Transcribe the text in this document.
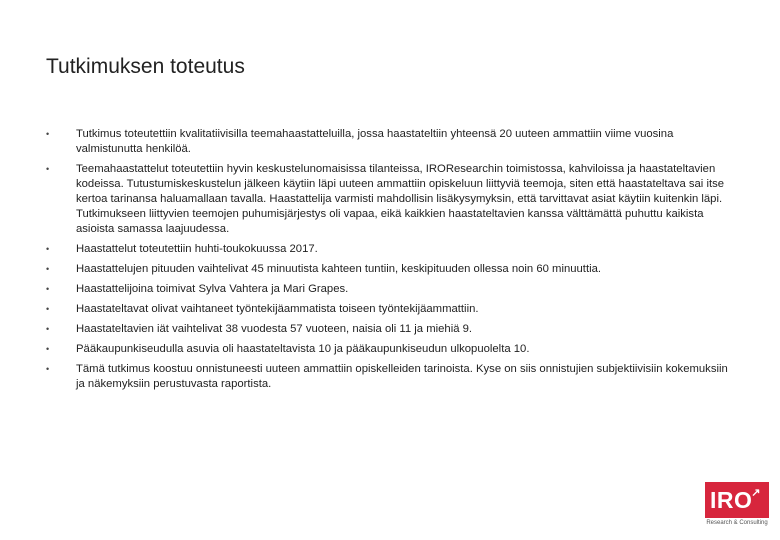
Tutkimuksen toteutus
•	Tutkimus toteutettiin kvalitatiivisilla teemahaastatteluilla, jossa haastateltiin yhteensä 20 uuteen ammattiin viime vuosina valmistunutta henkilöä.
•	Teemahaastattelut toteutettiin hyvin keskustelunomaisissa tilanteissa, IROResearchin toimistossa, kahviloissa ja haastateltavien kodeissa. Tutustumiskeskustelun jälkeen käytiin läpi uuteen ammattiin opiskeluun liittyviä teemoja, siten että haastateltava sai itse kertoa tarinansa haluamallaan tavalla. Haastattelija varmisti mahdollisin lisäkysymyksin, että tarvittavat asiat käytiin kuitenkin läpi. Tutkimukseen liittyvien teemojen puhumisjärjestys oli vapaa, eikä kaikkien haastateltavien kanssa välttämättä puhuttu kaikista asioista samassa laajuudessa.
•	Haastattelut toteutettiin huhti-toukokuussa 2017.
•	Haastattelujen pituuden vaihtelivat 45 minuutista kahteen tuntiin, keskipituuden ollessa noin 60 minuuttia.
•	Haastattelijoina toimivat Sylva Vahtera ja Mari Grapes.
•	Haastateltavat olivat vaihtaneet työntekijäammatista toiseen työntekijäammattiin.
•	Haastateltavien iät vaihtelivat 38 vuodesta 57 vuoteen, naisia oli 11 ja miehiä 9.
•	Pääkaupunkiseudulla asuvia oli haastateltavista 10 ja pääkaupunkiseudun ulkopuolelta 10.
•	Tämä tutkimus koostuu onnistuneesti uuteen ammattiin opiskelleiden tarinoista. Kyse on siis onnistujien subjektiivisiin kokemuksiin ja näkemyksiin perustuvasta raportista.
IRO
↗
Research & Consulting
